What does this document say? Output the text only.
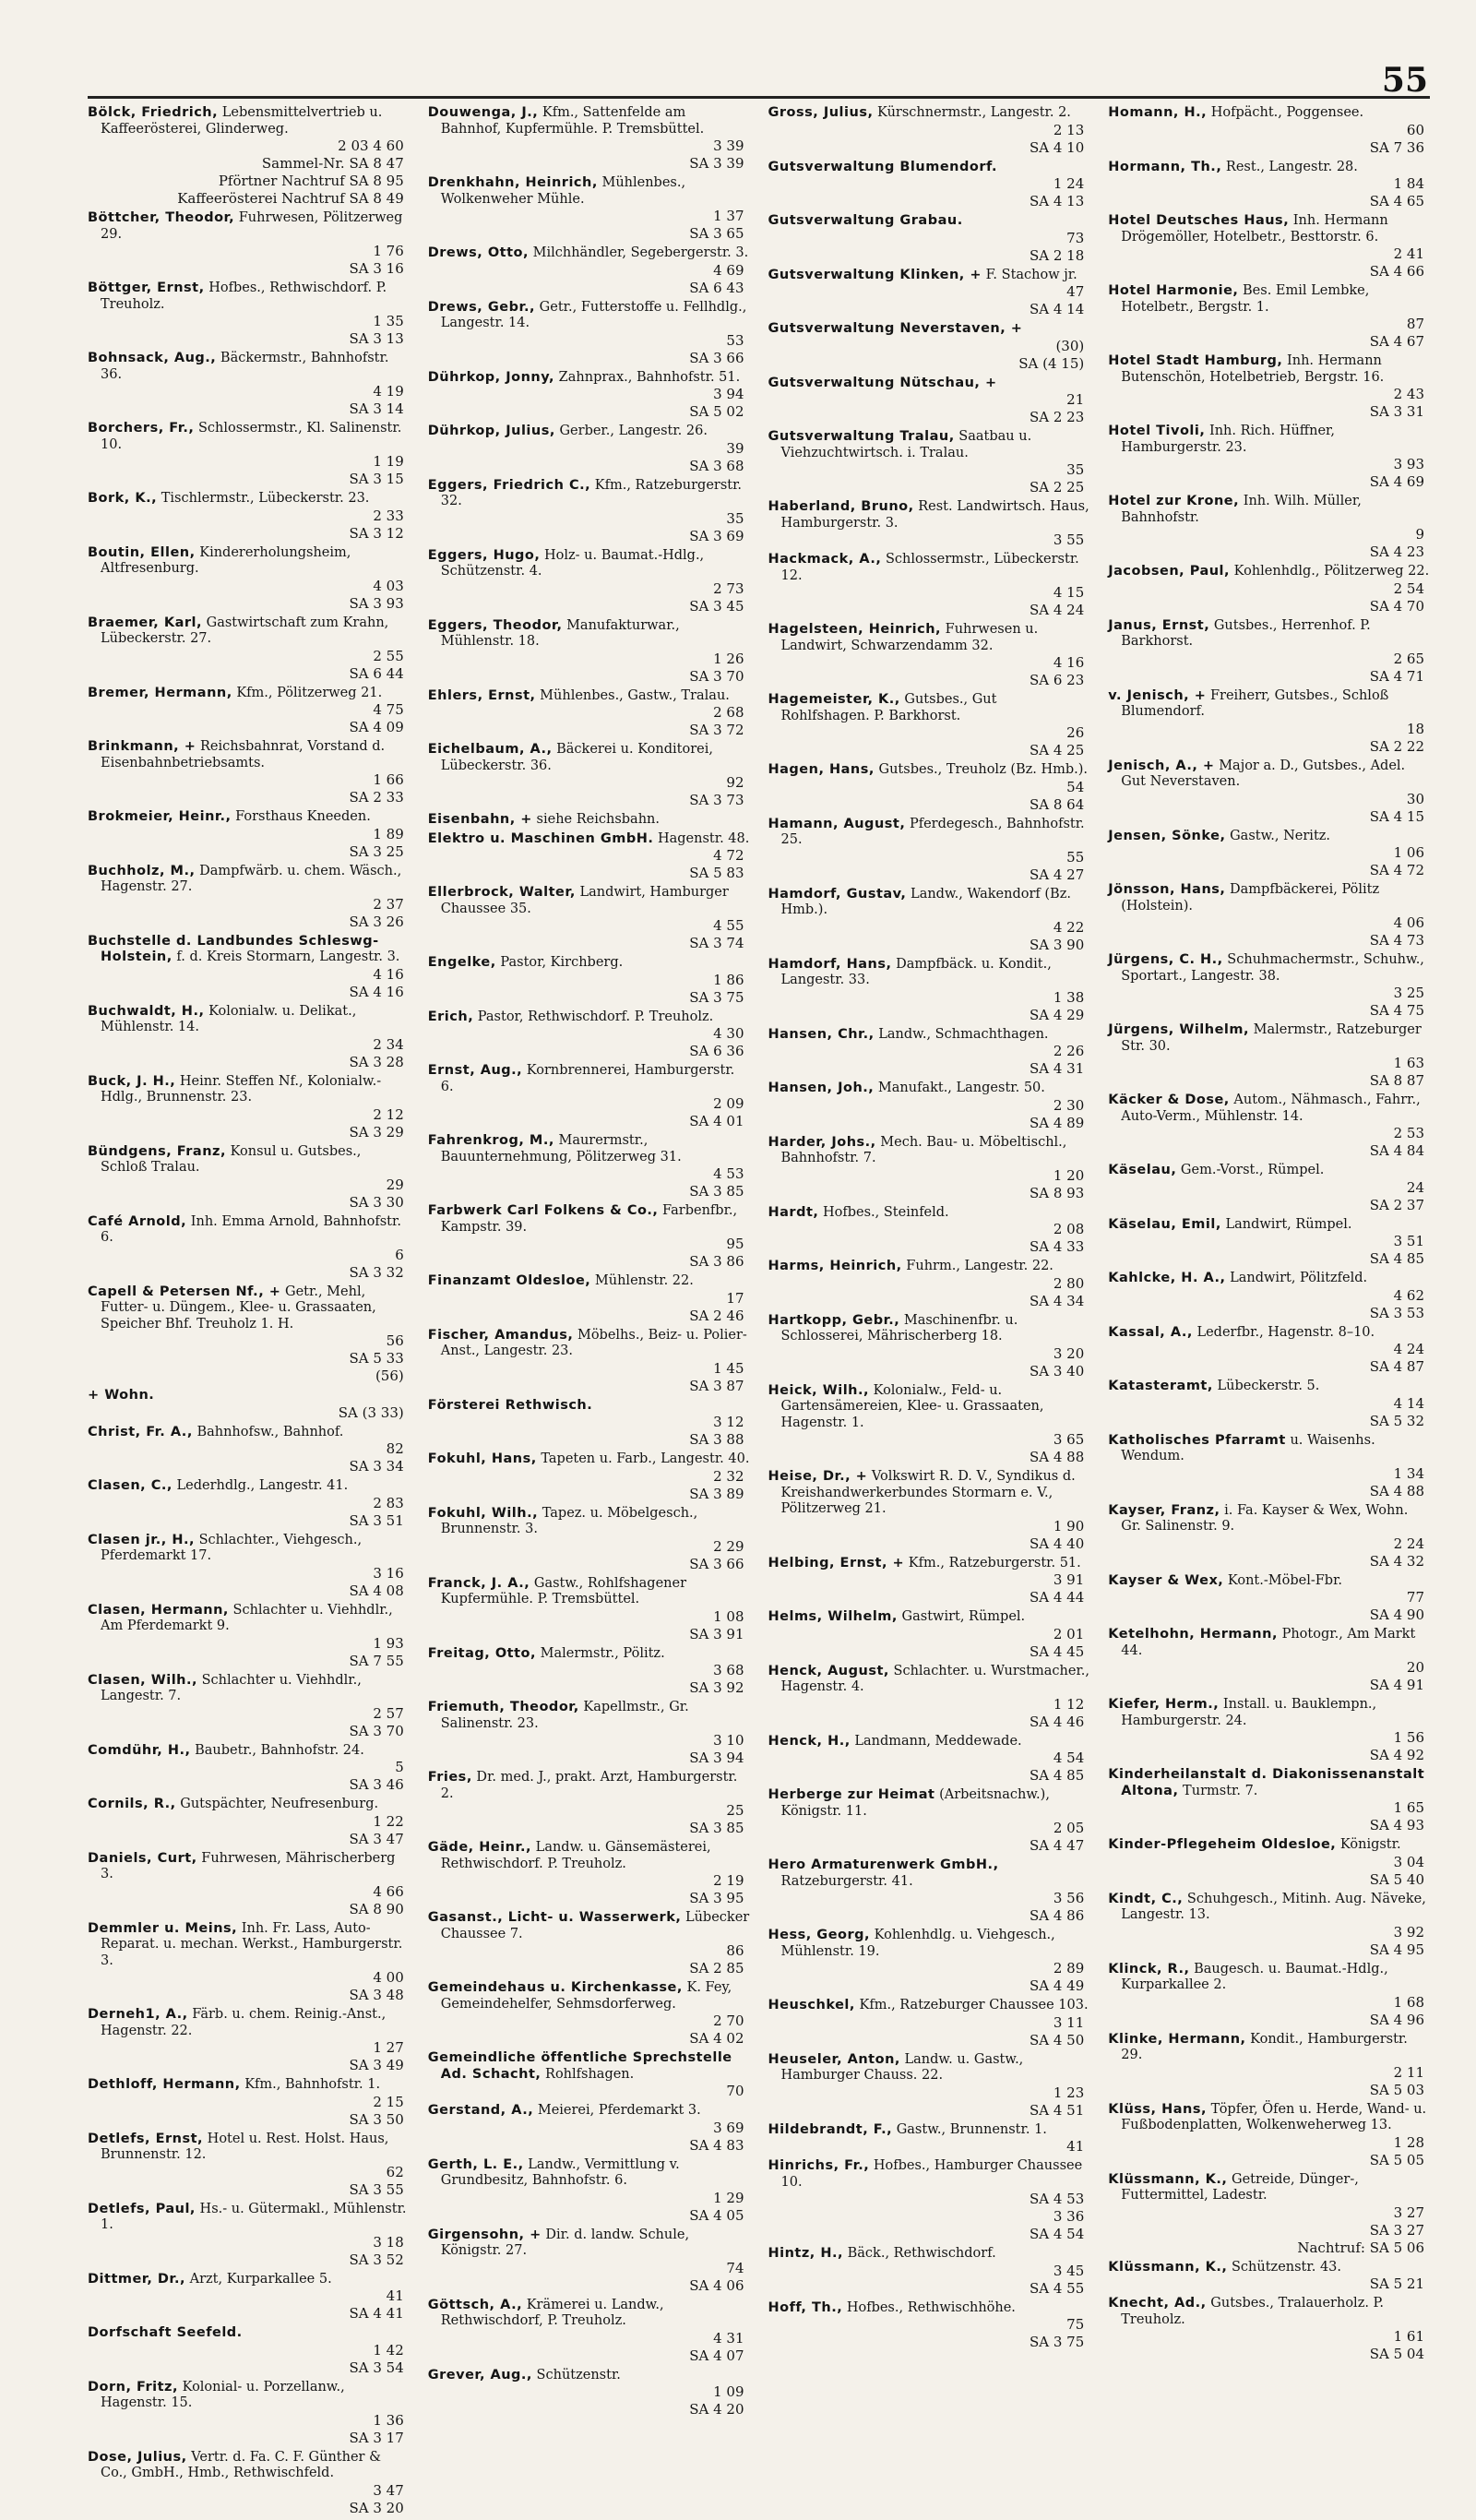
55
Bölck, Friedrich, Lebensmittelvertrieb u. Kaffeerösterei, Glinderweg.
2 03 4 60
Sammel-Nr. SA 8 47
Pförtner Nachtruf SA 8 95
Kaffeerösterei Nachtruf SA 8 49
Böttcher, Theodor, Fuhrwesen, Pölitzerweg 29.
1 76
SA 3 16
Böttger, Ernst, Hofbes., Rethwischdorf. P. Treuholz.
1 35
SA 3 13
Bohnsack, Aug., Bäckermstr., Bahnhofstr. 36.
4 19
SA 3 14
Borchers, Fr., Schlossermstr., Kl. Salinenstr. 10.
1 19
SA 3 15
Bork, K., Tischlermstr., Lübeckerstr. 23.
2 33
SA 3 12
Boutin, Ellen, Kindererholungsheim, Altfresenburg.
4 03
SA 3 93
Braemer, Karl, Gastwirtschaft zum Krahn, Lübeckerstr. 27.
2 55
SA 6 44
Bremer, Hermann, Kfm., Pölitzerweg 21.
4 75
SA 4 09
Brinkmann, + Reichsbahnrat, Vorstand d. Eisenbahnbetriebsamts.
1 66
SA 2 33
Brokmeier, Heinr., Forsthaus Kneeden.
1 89
SA 3 25
Buchholz, M., Dampfwärb. u. chem. Wäsch., Hagenstr. 27.
2 37
SA 3 26
Buchstelle d. Landbundes Schleswg-Holstein, f. d. Kreis Stormarn, Langestr. 3.
4 16
SA 4 16
Buchwaldt, H., Kolonialw. u. Delikat., Mühlenstr. 14.
2 34
SA 3 28
Buck, J. H., Heinr. Steffen Nf., Kolonialw.-Hdlg., Brunnenstr. 23.
2 12
SA 3 29
Bündgens, Franz, Konsul u. Gutsbes., Schloß Tralau.
29
SA 3 30
Café Arnold, Inh. Emma Arnold, Bahnhofstr. 6.
6
SA 3 32
Capell & Petersen Nf., + Getr., Mehl, Futter- u. Düngem., Klee- u. Grassaaten, Speicher Bhf. Treuholz 1. H.
56
SA 5 33
(56)
+ Wohn.
SA (3 33)
Christ, Fr. A., Bahnhofsw., Bahnhof.
82
SA 3 34
Clasen, C., Lederhdlg., Langestr. 41.
2 83
SA 3 51
Clasen jr., H., Schlachter., Viehgesch., Pferdemarkt 17.
3 16
SA 4 08
Clasen, Hermann, Schlachter u. Viehhdlr., Am Pferdemarkt 9.
1 93
SA 7 55
Clasen, Wilh., Schlachter u. Viehhdlr., Langestr. 7.
2 57
SA 3 70
Comdühr, H., Baubetr., Bahnhofstr. 24.
5
SA 3 46
Cornils, R., Gutspächter, Neufresenburg.
1 22
SA 3 47
Daniels, Curt, Fuhrwesen, Mährischerberg 3.
4 66
SA 8 90
Demmler u. Meins, Inh. Fr. Lass, Auto-Reparat. u. mechan. Werkst., Hamburgerstr. 3.
4 00
SA 3 48
Derneh1, A., Färb. u. chem. Reinig.-Anst., Hagenstr. 22.
1 27
SA 3 49
Dethloff, Hermann, Kfm., Bahnhofstr. 1.
2 15
SA 3 50
Detlefs, Ernst, Hotel u. Rest. Holst. Haus, Brunnenstr. 12.
62
SA 3 55
Detlefs, Paul, Hs.- u. Gütermakl., Mühlenstr. 1.
3 18
SA 3 52
Dittmer, Dr., Arzt, Kurparkallee 5.
41
SA 4 41
Dorfschaft Seefeld.
1 42
SA 3 54
Dorn, Fritz, Kolonial- u. Porzellanw., Hagenstr. 15.
1 36
SA 3 17
Dose, Julius, Vertr. d. Fa. C. F. Günther & Co., GmbH., Hmb., Rethwischfeld.
3 47
SA 3 20
Douwenga, J., Kfm., Sattenfelde am Bahnhof, Kupfermühle. P. Tremsbüttel.
3 39
SA 3 39
Drenkhahn, Heinrich, Mühlenbes., Wolkenweher Mühle.
1 37
SA 3 65
Drews, Otto, Milchhändler, Segebergerstr. 3.
4 69
SA 6 43
Drews, Gebr., Getr., Futterstoffe u. Fellhdlg., Langestr. 14.
53
SA 3 66
Dührkop, Jonny, Zahnprax., Bahnhofstr. 51.
3 94
SA 5 02
Dührkop, Julius, Gerber., Langestr. 26.
39
SA 3 68
Eggers, Friedrich C., Kfm., Ratzeburgerstr. 32.
35
SA 3 69
Eggers, Hugo, Holz- u. Baumat.-Hdlg., Schützenstr. 4.
2 73
SA 3 45
Eggers, Theodor, Manufakturwar., Mühlenstr. 18.
1 26
SA 3 70
Ehlers, Ernst, Mühlenbes., Gastw., Tralau.
2 68
SA 3 72
Eichelbaum, A., Bäckerei u. Konditorei, Lübeckerstr. 36.
92
SA 3 73
Eisenbahn, + siehe Reichsbahn.
Elektro u. Maschinen GmbH. Hagenstr. 48.
4 72
SA 5 83
Ellerbrock, Walter, Landwirt, Hamburger Chaussee 35.
4 55
SA 3 74
Engelke, Pastor, Kirchberg.
1 86
SA 3 75
Erich, Pastor, Rethwischdorf. P. Treuholz.
4 30
SA 6 36
Ernst, Aug., Kornbrennerei, Hamburgerstr. 6.
2 09
SA 4 01
Fahrenkrog, M., Maurermstr., Bauunternehmung, Pölitzerweg 31.
4 53
SA 3 85
Farbwerk Carl Folkens & Co., Farbenfbr., Kampstr. 39.
95
SA 3 86
Finanzamt Oldesloe, Mühlenstr. 22.
17
SA 2 46
Fischer, Amandus, Möbelhs., Beiz- u. Polier-Anst., Langestr. 23.
1 45
SA 3 87
Försterei Rethwisch.
3 12
SA 3 88
Fokuhl, Hans, Tapeten u. Farb., Langestr. 40.
2 32
SA 3 89
Fokuhl, Wilh., Tapez. u. Möbelgesch., Brunnenstr. 3.
2 29
SA 3 66
Franck, J. A., Gastw., Rohlfshagener Kupfermühle. P. Tremsbüttel.
1 08
SA 3 91
Freitag, Otto, Malermstr., Pölitz.
3 68
SA 3 92
Friemuth, Theodor, Kapellmstr., Gr. Salinenstr. 23.
3 10
SA 3 94
Fries, Dr. med. J., prakt. Arzt, Hamburgerstr. 2.
25
SA 3 85
Gäde, Heinr., Landw. u. Gänsemästerei, Rethwischdorf. P. Treuholz.
2 19
SA 3 95
Gasanst., Licht- u. Wasserwerk, Lübecker Chaussee 7.
86
SA 2 85
Gemeindehaus u. Kirchenkasse, K. Fey, Gemeindehelfer, Sehmsdorferweg.
2 70
SA 4 02
Gemeindliche öffentliche Sprechstelle Ad. Schacht, Rohlfshagen.
70
Gerstand, A., Meierei, Pferdemarkt 3.
3 69
SA 4 83
Gerth, L. E., Landw., Vermittlung v. Grundbesitz, Bahnhofstr. 6.
1 29
SA 4 05
Girgensohn, + Dir. d. landw. Schule, Königstr. 27.
74
SA 4 06
Göttsch, A., Krämerei u. Landw., Rethwischdorf, P. Treuholz.
4 31
SA 4 07
Grever, Aug., Schützenstr.
1 09
SA 4 20
Gross, Julius, Kürschnermstr., Langestr. 2.
2 13
SA 4 10
Gutsverwaltung Blumendorf.
1 24
SA 4 13
Gutsverwaltung Grabau.
73
SA 2 18
Gutsverwaltung Klinken, + F. Stachow jr.
47
SA 4 14
Gutsverwaltung Neverstaven, +
(30)
SA (4 15)
Gutsverwaltung Nütschau, +
21
SA 2 23
Gutsverwaltung Tralau, Saatbau u. Viehzuchtwirtsch. i. Tralau.
35
SA 2 25
Haberland, Bruno, Rest. Landwirtsch. Haus, Hamburgerstr. 3.
3 55
Hackmack, A., Schlossermstr., Lübeckerstr. 12.
4 15
SA 4 24
Hagelsteen, Heinrich, Fuhrwesen u. Landwirt, Schwarzendamm 32.
4 16
SA 6 23
Hagemeister, K., Gutsbes., Gut Rohlfshagen. P. Barkhorst.
26
SA 4 25
Hagen, Hans, Gutsbes., Treuholz (Bz. Hmb.).
54
SA 8 64
Hamann, August, Pferdegesch., Bahnhofstr. 25.
55
SA 4 27
Hamdorf, Gustav, Landw., Wakendorf (Bz. Hmb.).
4 22
SA 3 90
Hamdorf, Hans, Dampfbäck. u. Kondit., Langestr. 33.
1 38
SA 4 29
Hansen, Chr., Landw., Schmachthagen.
2 26
SA 4 31
Hansen, Joh., Manufakt., Langestr. 50.
2 30
SA 4 89
Harder, Johs., Mech. Bau- u. Möbeltischl., Bahnhofstr. 7.
1 20
SA 8 93
Hardt, Hofbes., Steinfeld.
2 08
SA 4 33
Harms, Heinrich, Fuhrm., Langestr. 22.
2 80
SA 4 34
Hartkopp, Gebr., Maschinenfbr. u. Schlosserei, Mährischerberg 18.
3 20
SA 3 40
Heick, Wilh., Kolonialw., Feld- u. Gartensämereien, Klee- u. Grassaaten, Hagenstr. 1.
3 65
SA 4 88
Heise, Dr., + Volkswirt R. D. V., Syndikus d. Kreishandwerkerbundes Stormarn e. V., Pölitzerweg 21.
1 90
SA 4 40
Helbing, Ernst, + Kfm., Ratzeburgerstr. 51.
3 91
SA 4 44
Helms, Wilhelm, Gastwirt, Rümpel.
2 01
SA 4 45
Henck, August, Schlachter. u. Wurstmacher., Hagenstr. 4.
1 12
SA 4 46
Henck, H., Landmann, Meddewade.
4 54
SA 4 85
Herberge zur Heimat (Arbeitsnachw.), Königstr. 11.
2 05
SA 4 47
Hero Armaturenwerk GmbH., Ratzeburgerstr. 41.
3 56
SA 4 86
Hess, Georg, Kohlenhdlg. u. Viehgesch., Mühlenstr. 19.
2 89
SA 4 49
Heuschkel, Kfm., Ratzeburger Chaussee 103.
3 11
SA 4 50
Heuseler, Anton, Landw. u. Gastw., Hamburger Chauss. 22.
1 23
SA 4 51
Hildebrandt, F., Gastw., Brunnenstr. 1.
41
Hinrichs, Fr., Hofbes., Hamburger Chaussee 10.
SA 4 53
3 36
SA 4 54
Hintz, H., Bäck., Rethwischdorf.
3 45
SA 4 55
Hoff, Th., Hofbes., Rethwischhöhe.
75
SA 3 75
Homann, H., Hofpächt., Poggensee.
60
SA 7 36
Hormann, Th., Rest., Langestr. 28.
1 84
SA 4 65
Hotel Deutsches Haus, Inh. Hermann Drögemöller, Hotelbetr., Besttorstr. 6.
2 41
SA 4 66
Hotel Harmonie, Bes. Emil Lembke, Hotelbetr., Bergstr. 1.
87
SA 4 67
Hotel Stadt Hamburg, Inh. Hermann Butenschön, Hotelbetrieb, Bergstr. 16.
2 43
SA 3 31
Hotel Tivoli, Inh. Rich. Hüffner, Hamburgerstr. 23.
3 93
SA 4 69
Hotel zur Krone, Inh. Wilh. Müller, Bahnhofstr.
9
SA 4 23
Jacobsen, Paul, Kohlenhdlg., Pölitzerweg 22.
2 54
SA 4 70
Janus, Ernst, Gutsbes., Herrenhof. P. Barkhorst.
2 65
SA 4 71
v. Jenisch, + Freiherr, Gutsbes., Schloß Blumendorf.
18
SA 2 22
Jenisch, A., + Major a. D., Gutsbes., Adel. Gut Neverstaven.
30
SA 4 15
Jensen, Sönke, Gastw., Neritz.
1 06
SA 4 72
Jönsson, Hans, Dampfbäckerei, Pölitz (Holstein).
4 06
SA 4 73
Jürgens, C. H., Schuhmachermstr., Schuhw., Sportart., Langestr. 38.
3 25
SA 4 75
Jürgens, Wilhelm, Malermstr., Ratzeburger Str. 30.
1 63
SA 8 87
Käcker & Dose, Autom., Nähmasch., Fahrr., Auto-Verm., Mühlenstr. 14.
2 53
SA 4 84
Käselau, Gem.-Vorst., Rümpel.
24
SA 2 37
Käselau, Emil, Landwirt, Rümpel.
3 51
SA 4 85
Kahlcke, H. A., Landwirt, Pölitzfeld.
4 62
SA 3 53
Kassal, A., Lederfbr., Hagenstr. 8–10.
4 24
SA 4 87
Katasteramt, Lübeckerstr. 5.
4 14
SA 5 32
Katholisches Pfarramt u. Waisenhs. Wendum.
1 34
SA 4 88
Kayser, Franz, i. Fa. Kayser & Wex, Wohn. Gr. Salinenstr. 9.
2 24
SA 4 32
Kayser & Wex, Kont.-Möbel-Fbr.
77
SA 4 90
Ketelhohn, Hermann, Photogr., Am Markt 44.
20
SA 4 91
Kiefer, Herm., Install. u. Bauklempn., Hamburgerstr. 24.
1 56
SA 4 92
Kinderheilanstalt d. Diakonissenanstalt Altona, Turmstr. 7.
1 65
SA 4 93
Kinder-Pflegeheim Oldesloe, Königstr.
3 04
SA 5 40
Kindt, C., Schuhgesch., Mitinh. Aug. Näveke, Langestr. 13.
3 92
SA 4 95
Klinck, R., Baugesch. u. Baumat.-Hdlg., Kurparkallee 2.
1 68
SA 4 96
Klinke, Hermann, Kondit., Hamburgerstr. 29.
2 11
SA 5 03
Klüss, Hans, Töpfer, Öfen u. Herde, Wand- u. Fußbodenplatten, Wolkenweherweg 13.
1 28
SA 5 05
Klüssmann, K., Getreide, Dünger-, Futtermittel, Ladestr.
3 27
SA 3 27
Nachtruf: SA 5 06
Klüssmann, K., Schützenstr. 43.
SA 5 21
Knecht, Ad., Gutsbes., Tralauerholz. P. Treuholz.
1 61
SA 5 04
